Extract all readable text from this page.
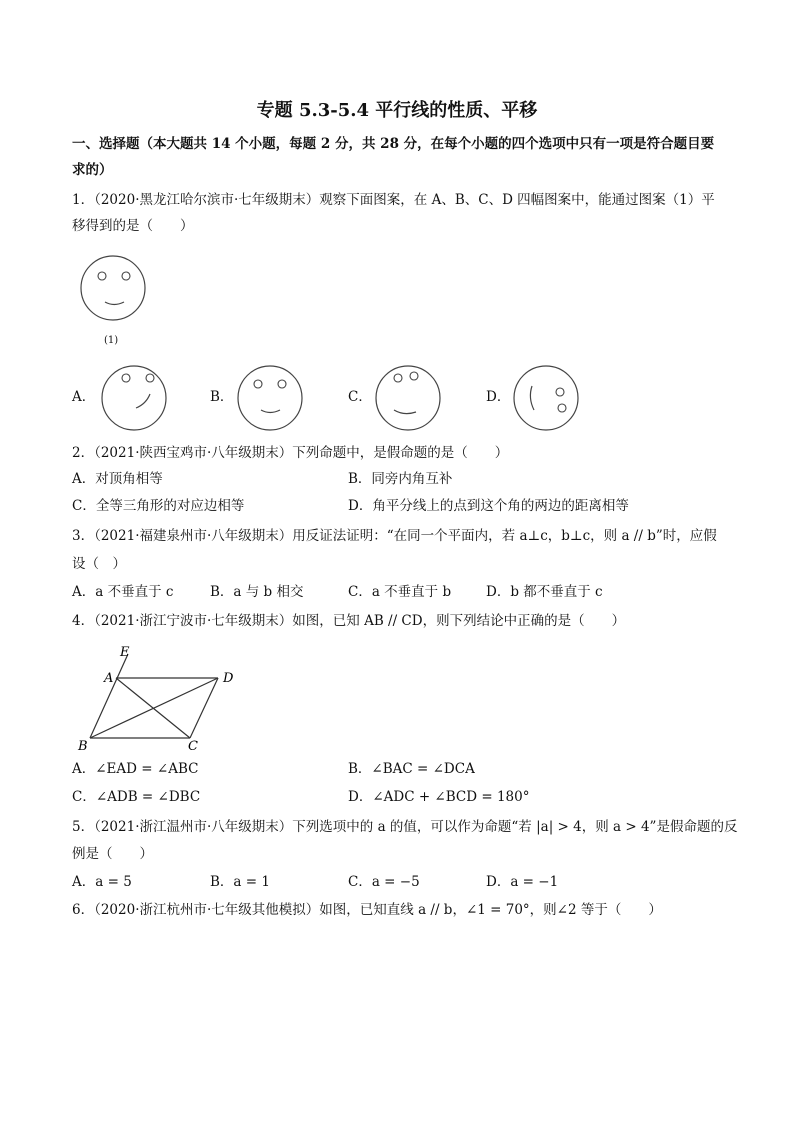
专题 5.3-5.4 平行线的性质、平移
一、选择题（本大题共 14 个小题，每题 2 分，共 28 分，在每个小题的四个选项中只有一项是符合题目要
求的）
1．（2020·黑龙江哈尔滨市·七年级期末）观察下面图案，在 A、B、C、D 四幅图案中，能通过图案（1）平
移得到的是（　　）
(1)
A．	B．	C．	D．
2．（2021·陕西宝鸡市·八年级期末）下列命题中，是假命题的是（　　）
A．对顶角相等	B．同旁内角互补
C．全等三角形的对应边相等	D．角平分线上的点到这个角的两边的距离相等
3．（2021·福建泉州市·八年级期末）用反证法证明：“在同一个平面内，若 a⊥c，b⊥c，则 a // b”时，应假
设（　）
A．a 不垂直于 c	B．a 与 b 相交	C．a 不垂直于 b	D．b 都不垂直于 c
4．（2021·浙江宁波市·七年级期末）如图，已知 AB // CD，则下列结论中正确的是（　　）
E
A	D
B	C
A．∠EAD = ∠ABC	B．∠BAC = ∠DCA
C．∠ADB = ∠DBC	D．∠ADC + ∠BCD = 180°
5．（2021·浙江温州市·八年级期末）下列选项中的 a 的值，可以作为命题“若 |a| > 4，则 a > 4”是假命题的反
例是（　　）
A．a = 5	B．a = 1	C．a = −5	D．a = −1
6．（2020·浙江杭州市·七年级其他模拟）如图，已知直线 a // b，∠1 = 70°，则∠2 等于（　　）
